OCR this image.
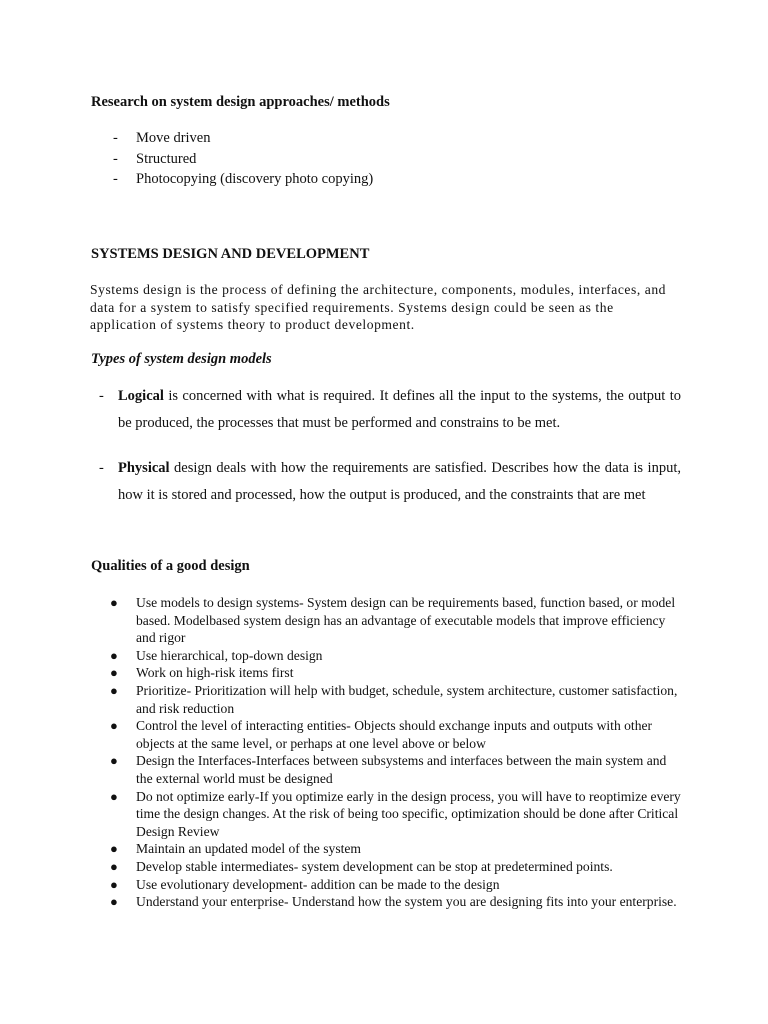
Research on system design approaches/ methods

- Move driven
- Structured
- Photocopying (discovery photo copying)

SYSTEMS DESIGN AND DEVELOPMENT

Systems design is the process of defining the architecture, components, modules, interfaces, and data for a system to satisfy specified requirements. Systems design could be seen as the application of systems theory to product development.

Types of system design models

- Logical is concerned with what is required. It defines all the input to the systems, the output to be produced, the processes that must be performed and constrains to be met.
- Physical design deals with how the requirements are satisfied. Describes how the data is input, how it is stored and processed, how the output is produced, and the constraints that are met

Qualities of a good design

● Use models to design systems- System design can be requirements based, function based, or model based. Modelbased system design has an advantage of executable models that improve efficiency and rigor
● Use hierarchical, top-down design
● Work on high-risk items first
● Prioritize- Prioritization will help with budget, schedule, system architecture, customer satisfaction, and risk reduction
● Control the level of interacting entities- Objects should exchange inputs and outputs with other objects at the same level, or perhaps at one level above or below
● Design the Interfaces-Interfaces between subsystems and interfaces between the main system and the external world must be designed
● Do not optimize early-If you optimize early in the design process, you will have to reoptimize every time the design changes. At the risk of being too specific, optimization should be done after Critical Design Review
● Maintain an updated model of the system
● Develop stable intermediates- system development can be stop at predetermined points.
● Use evolutionary development- addition can be made to the design
● Understand your enterprise- Understand how the system you are designing fits into your enterprise.
